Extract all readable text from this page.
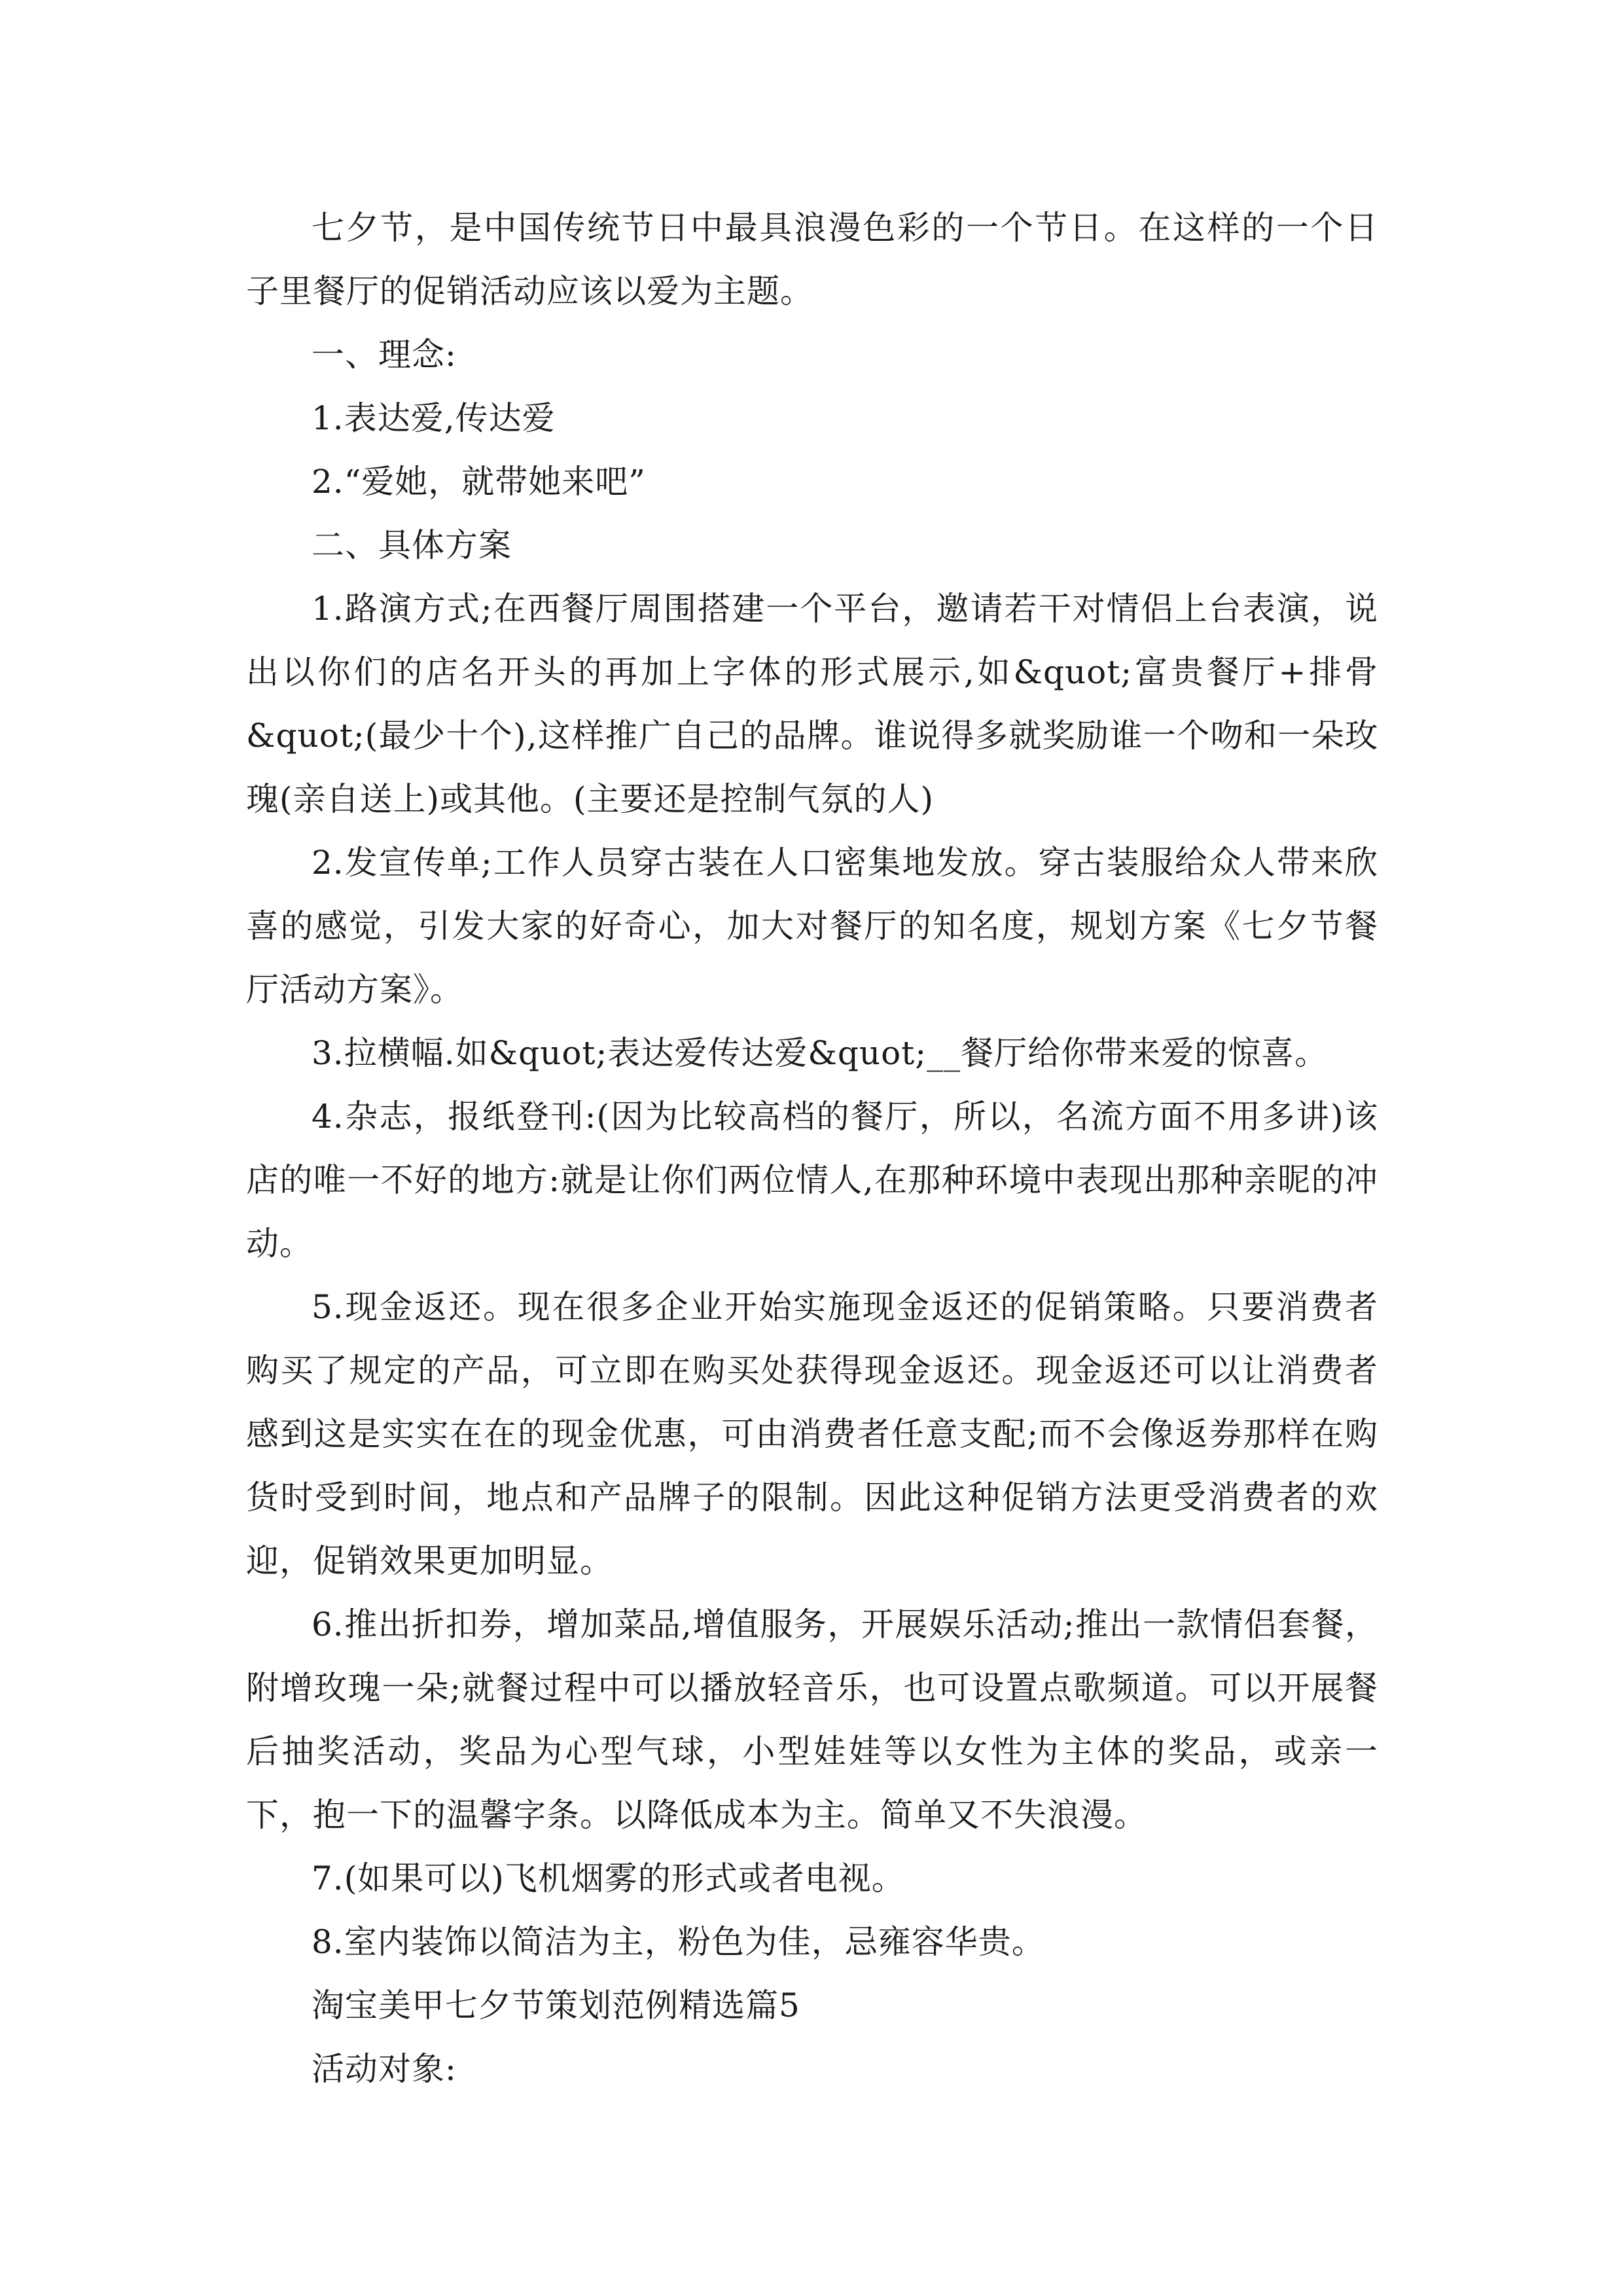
七夕节，是中国传统节日中最具浪漫色彩的一个节日。在这样的一个日子里餐厅的促销活动应该以爱为主题。

一、理念:

1.表达爱,传达爱

2.“爱她，就带她来吧”

二、具体方案

1.路演方式;在西餐厅周围搭建一个平台，邀请若干对情侣上台表演，说出以你们的店名开头的再加上字体的形式展示,如&quot;富贵餐厅+排骨&quot;(最少十个),这样推广自己的品牌。谁说得多就奖励谁一个吻和一朵玫瑰(亲自送上)或其他。(主要还是控制气氛的人)

2.发宣传单;工作人员穿古装在人口密集地发放。穿古装服给众人带来欣喜的感觉，引发大家的好奇心，加大对餐厅的知名度，规划方案《七夕节餐厅活动方案》。

3.拉横幅.如&quot;表达爱传达爱&quot;__餐厅给你带来爱的惊喜。

4.杂志，报纸登刊:(因为比较高档的餐厅，所以，名流方面不用多讲)该店的唯一不好的地方:就是让你们两位情人,在那种环境中表现出那种亲昵的冲动。

5.现金返还。现在很多企业开始实施现金返还的促销策略。只要消费者购买了规定的产品，可立即在购买处获得现金返还。现金返还可以让消费者感到这是实实在在的现金优惠，可由消费者任意支配;而不会像返券那样在购货时受到时间，地点和产品牌子的限制。因此这种促销方法更受消费者的欢迎，促销效果更加明显。

6.推出折扣券，增加菜品,增值服务，开展娱乐活动;推出一款情侣套餐，附增玫瑰一朵;就餐过程中可以播放轻音乐，也可设置点歌频道。可以开展餐后抽奖活动，奖品为心型气球，小型娃娃等以女性为主体的奖品，或亲一下，抱一下的温馨字条。以降低成本为主。简单又不失浪漫。

7.(如果可以)飞机烟雾的形式或者电视。

8.室内装饰以简洁为主，粉色为佳，忌雍容华贵。

淘宝美甲七夕节策划范例精选篇5

活动对象:
